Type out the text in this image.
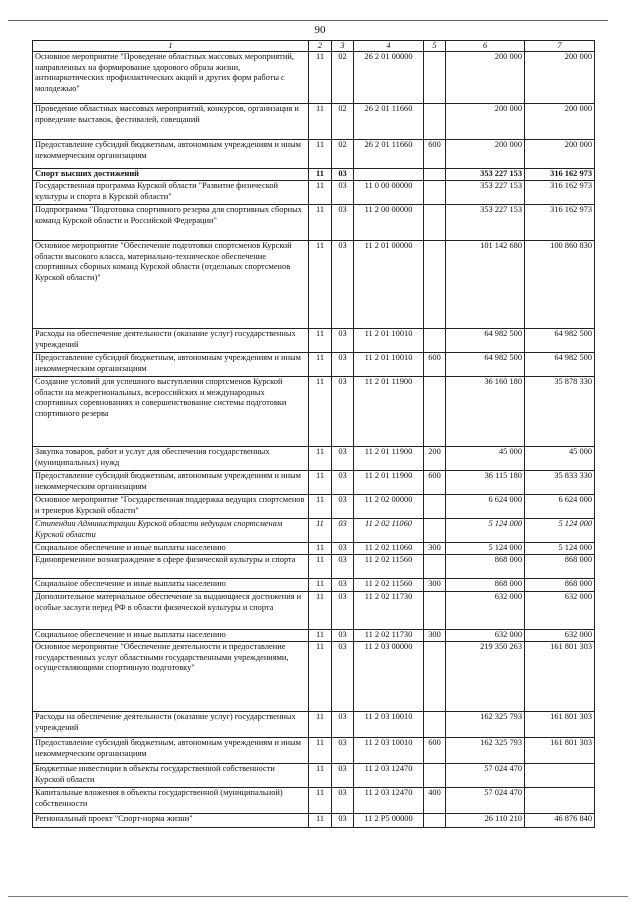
90
1	2	3	4	5	6	7
Основное мероприятие "Проведение областных массовых мероприятий, направленных на формирование здорового образа жизни, антинаркотических профилактических акций и других форм работы с молодежью"	11	02	26 2 01 00000		200 000	200 000
Проведение областных массовых мероприятий, конкурсов, организация и проведение выставок, фестивалей, совещаний	11	02	26 2 01 11660		200 000	200 000
Предоставление субсидий бюджетным, автономным учреждениям и иным некоммерческим организациям	11	02	26 2 01 11660	600	200 000	200 000
Спорт высших достижений	11	03			353 227 153	316 162 973
Государственная программа Курской области "Развитие физической культуры и спорта в Курской области"	11	03	11 0 00 00000		353 227 153	316 162 973
Подпрограмма "Подготовка спортивного резерва для спортивных сборных команд Курской области и Российской Федерации"	11	03	11 2 00 00000		353 227 153	316 162 973
Основное мероприятие "Обеспечение подготовки спортсменов Курской области высокого класса, материально-техническое обеспечение спортивных сборных команд Курской области (отдельных спортсменов Курской области)"	11	03	11 2 01 00000		101 142 680	100 860 830
Расходы на обеспечение деятельности (оказание услуг) государственных учреждений	11	03	11 2 01 10010		64 982 500	64 982 500
Предоставление субсидий бюджетным, автономным учреждениям и иным некоммерческим организациям	11	03	11 2 01 10010	600	64 982 500	64 982 500
Создание условий для успешного выступления спортсменов Курской области на межрегиональных, всероссийских и международных спортивных соревнованиях и совершенствование системы подготовки спортивного резерва	11	03	11 2 01 11900		36 160 180	35 878 330
Закупка товаров, работ и услуг для обеспечения государственных (муниципальных) нужд	11	03	11 2 01 11900	200	45 000	45 000
Предоставление субсидий бюджетным, автономным учреждениям и иным некоммерческим организациям	11	03	11 2 01 11900	600	36 115 180	35 833 330
Основное мероприятие "Государственная поддержка ведущих спортсменов и тренеров Курской области"	11	03	11 2 02 00000		6 624 000	6 624 000
Стипендии Администрации Курской области ведущим спортсменам Курской области	11	03	11 2 02 11060		5 124 000	5 124 000
Социальное обеспечение и иные выплаты населению	11	03	11 2 02 11060	300	5 124 000	5 124 000
Единовременное вознаграждение в сфере физической культуры и спорта	11	03	11 2 02 11560		868 000	868 000
Социальное обеспечение и иные выплаты населению	11	03	11 2 02 11560	300	868 000	868 000
Дополнительное материальное обеспечение за выдающиеся достижения и особые заслуги перед РФ в области физической культуры и спорта	11	03	11 2 02 11730		632 000	632 000
Социальное обеспечение и иные выплаты населению	11	03	11 2 02 11730	300	632 000	632 000
Основное мероприятие "Обеспечение деятельности и предоставление государственных услуг областными государственными учреждениями, осуществляющими спортивную подготовку"	11	03	11 2 03 00000		219 350 263	161 801 303
Расходы на обеспечение деятельности (оказание услуг) государственных учреждений	11	03	11 2 03 10010		162 325 793	161 801 303
Предоставление субсидий бюджетным, автономным учреждениям и иным некоммерческим организациям	11	03	11 2 03 10010	600	162 325 793	161 801 303
Бюджетные инвестиции в объекты государственной собственности Курской области	11	03	11 2 03 12470		57 024 470	
Капитальные вложения в объекты государственной (муниципальной) собственности	11	03	11 2 03 12470	400	57 024 470	
Региональный проект "Спорт-норма жизни"	11	03	11 2 P5 00000		26 110 210	46 876 840
